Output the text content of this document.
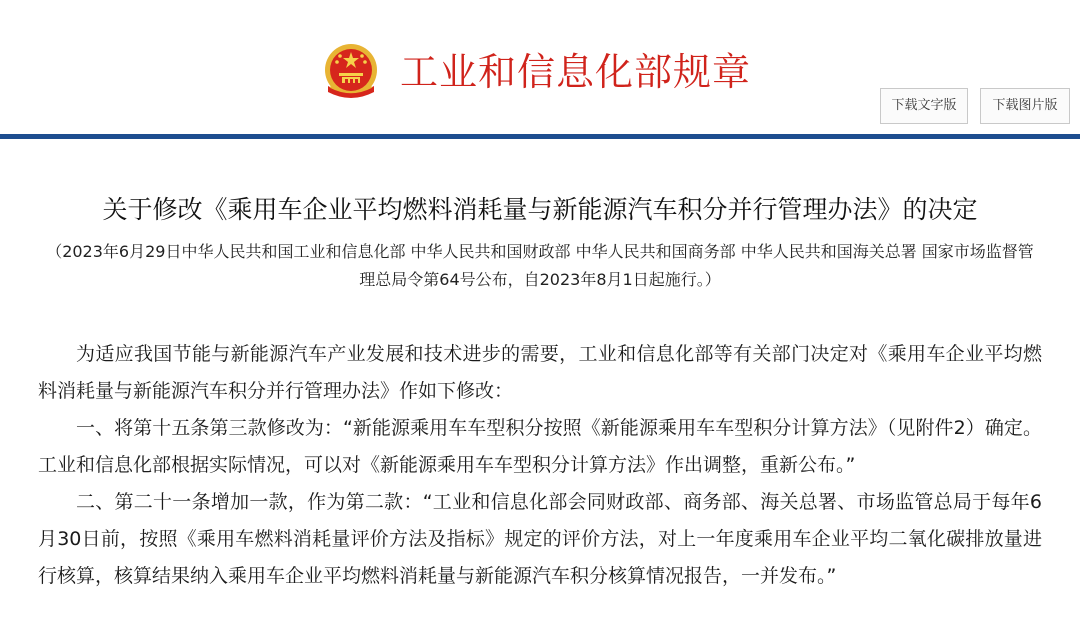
工业和信息化部规章
下载文字版	下载图片版
关于修改《乘用车企业平均燃料消耗量与新能源汽车积分并行管理办法》的决定
（2023年6月29日中华人民共和国工业和信息化部 中华人民共和国财政部 中华人民共和国商务部 中华人民共和国海关总署 国家市场监督管理总局令第64号公布，自2023年8月1日起施行。）

为适应我国节能与新能源汽车产业发展和技术进步的需要，工业和信息化部等有关部门决定对《乘用车企业平均燃料消耗量与新能源汽车积分并行管理办法》作如下修改：

一、将第十五条第三款修改为：“新能源乘用车车型积分按照《新能源乘用车车型积分计算方法》（见附件2）确定。工业和信息化部根据实际情况，可以对《新能源乘用车车型积分计算方法》作出调整，重新公布。”

二、第二十一条增加一款，作为第二款：“工业和信息化部会同财政部、商务部、海关总署、市场监管总局于每年6月30日前，按照《乘用车燃料消耗量评价方法及指标》规定的评价方法，对上一年度乘用车企业平均二氧化碳排放量进行核算，核算结果纳入乘用车企业平均燃料消耗量与新能源汽车积分核算情况报告，一并发布。”
